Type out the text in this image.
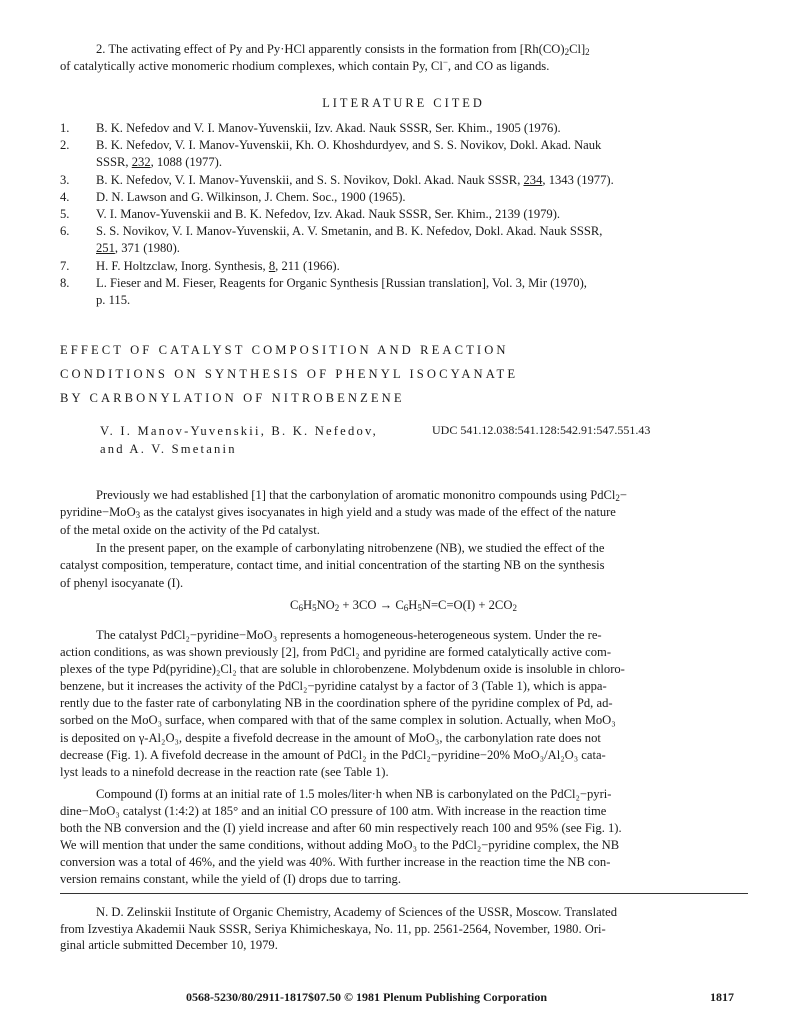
2. The activating effect of Py and Py·HCl apparently consists in the formation from $[Rh(CO)_2Cl]_2$
of catalytically active monomeric rhodium complexes, which contain Py, Cl−, and CO as ligands.
LITERATURE CITED
1.	B. K. Nefedov and V. I. Manov-Yuvenskii, Izv. Akad. Nauk SSSR, Ser. Khim., 1905 (1976).
2.	B. K. Nefedov, V. I. Manov-Yuvenskii, Kh. O. Khoshdurdyev, and S. S. Novikov, Dokl. Akad. Nauk
SSSR, 232, 1088 (1977).
3.	B. K. Nefedov, V. I. Manov-Yuvenskii, and S. S. Novikov, Dokl. Akad. Nauk SSSR, 234, 1343 (1977).
4.	D. N. Lawson and G. Wilkinson, J. Chem. Soc., 1900 (1965).
5.	V. I. Manov-Yuvenskii and B. K. Nefedov, Izv. Akad. Nauk SSSR, Ser. Khim., 2139 (1979).
6.	S. S. Novikov, V. I. Manov-Yuvenskii, A. V. Smetanin, and B. K. Nefedov, Dokl. Akad. Nauk SSSR,
251, 371 (1980).
7.	H. F. Holtzclaw, Inorg. Synthesis, 8, 211 (1966).
8.	L. Fieser and M. Fieser, Reagents for Organic Synthesis [Russian translation], Vol. 3, Mir (1970),
p. 115.
EFFECT OF CATALYST COMPOSITION AND REACTION
CONDITIONS ON SYNTHESIS OF PHENYL ISOCYANATE
BY CARBONYLATION OF NITROBENZENE
V. I. Manov-Yuvenskii, B. K. Nefedov,
and A. V. Smetanin
UDC 541.12.038:541.128:542.91:547.551.43
Previously we had established [1] that the carbonylation of aromatic mononitro compounds using PdCl$_2$−
pyridine−MoO$_3$ as the catalyst gives isocyanates in high yield and a study was made of the effect of the nature
of the metal oxide on the activity of the Pd catalyst.
In the present paper, on the example of carbonylating nitrobenzene (NB), we studied the effect of the
catalyst composition, temperature, contact time, and initial concentration of the starting NB on the synthesis
of phenyl isocyanate (I).
$C_6H_5NO_2 + 3CO \to C_6H_5N=C=O(I) + 2CO_2$
The catalyst PdCl₂−pyridine−MoO₃ represents a homogeneous-heterogeneous system. Under the re-
action conditions, as was shown previously [2], from PdCl₂ and pyridine are formed catalytically active com-
plexes of the type Pd(pyridine)₂Cl₂ that are soluble in chlorobenzene. Molybdenum oxide is insoluble in chloro-
benzene, but it increases the activity of the PdCl₂−pyridine catalyst by a factor of 3 (Table 1), which is appa-
rently due to the faster rate of carbonylating NB in the coordination sphere of the pyridine complex of Pd, ad-
sorbed on the MoO₃ surface, when compared with that of the same complex in solution. Actually, when MoO₃
is deposited on γ-Al₂O₃, despite a fivefold decrease in the amount of MoO₃, the carbonylation rate does not
decrease (Fig. 1). A fivefold decrease in the amount of PdCl₂ in the PdCl₂−pyridine−20% MoO₃/Al₂O₃ cata-
lyst leads to a ninefold decrease in the reaction rate (see Table 1).
Compound (I) forms at an initial rate of 1.5 moles/liter·h when NB is carbonylated on the PdCl₂−pyri-
dine−MoO₃ catalyst (1:4:2) at 185° and an initial CO pressure of 100 atm. With increase in the reaction time
both the NB conversion and the (I) yield increase and after 60 min respectively reach 100 and 95% (see Fig. 1).
We will mention that under the same conditions, without adding MoO₃ to the PdCl₂−pyridine complex, the NB
conversion was a total of 46%, and the yield was 40%. With further increase in the reaction time the NB con-
version remains constant, while the yield of (I) drops due to tarring.
N. D. Zelinskii Institute of Organic Chemistry, Academy of Sciences of the USSR, Moscow. Translated
from Izvestiya Akademii Nauk SSSR, Seriya Khimicheskaya, No. 11, pp. 2561-2564, November, 1980. Ori-
ginal article submitted December 10, 1979.
0568-5230/80/2911-1817$07.50 © 1981 Plenum Publishing Corporation	1817
